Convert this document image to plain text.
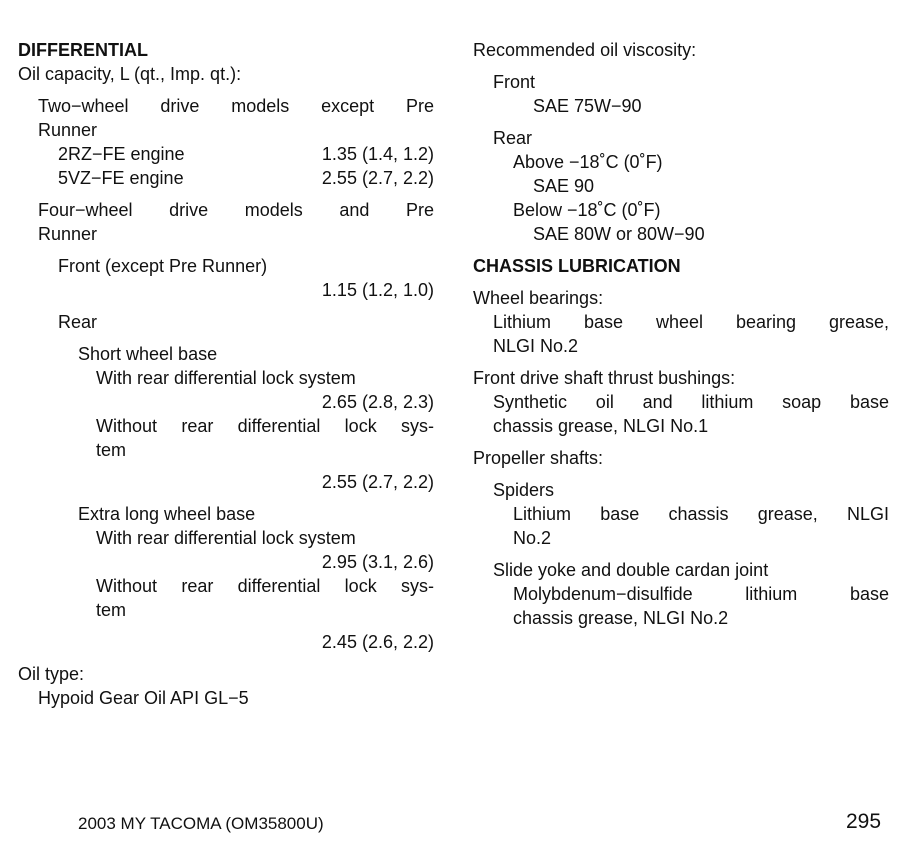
DIFFERENTIAL
Oil capacity, L (qt., Imp. qt.):
Two−wheel drive models except Pre
Runner
2RZ−FE engine	1.35 (1.4, 1.2)
5VZ−FE engine	2.55 (2.7, 2.2)
Four−wheel drive models and Pre
Runner
Front (except Pre Runner)
1.15 (1.2, 1.0)
Rear
Short wheel base
With rear differential lock system
2.65 (2.8, 2.3)
Without rear differential lock sys-
tem
2.55 (2.7, 2.2)
Extra long wheel base
With rear differential lock system
2.95 (3.1, 2.6)
Without rear differential lock sys-
tem
2.45 (2.6, 2.2)
Oil type:
Hypoid Gear Oil API GL−5
Recommended oil viscosity:
Front
SAE 75W−90
Rear
Above −18˚C (0˚F)
SAE 90
Below −18˚C (0˚F)
SAE 80W or 80W−90
CHASSIS LUBRICATION
Wheel bearings:
Lithium base wheel bearing grease,
NLGI No.2
Front drive shaft thrust bushings:
Synthetic oil and lithium soap base
chassis grease, NLGI No.1
Propeller shafts:
Spiders
Lithium base chassis grease, NLGI
No.2
Slide yoke and double cardan joint
Molybdenum−disulfide lithium base
chassis grease, NLGI No.2
2003 MY TACOMA (OM35800U)	295
